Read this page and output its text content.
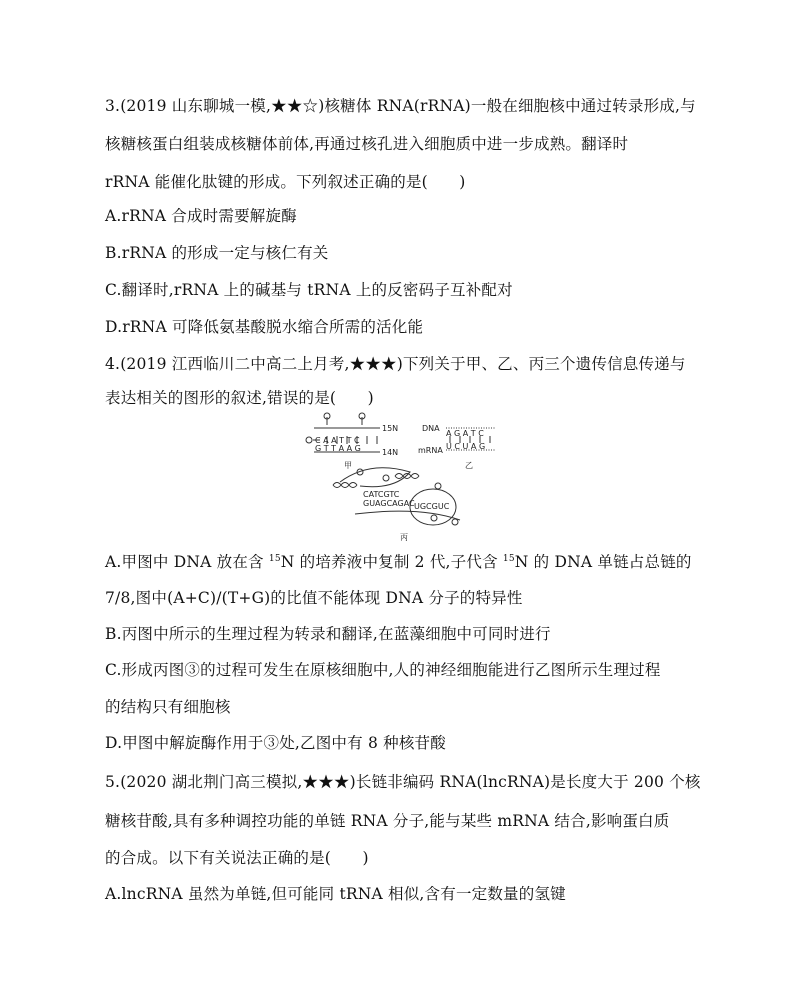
3.(2019 山东聊城一模,★★☆)核糖体 RNA(rRNA)一般在细胞核中通过转录形成,与
核糖核蛋白组装成核糖体前体,再通过核孔进入细胞质中进一步成熟。翻译时
rRNA 能催化肽键的形成。下列叙述正确的是(　　)
A.rRNA 合成时需要解旋酶
B.rRNA 的形成一定与核仁有关
C.翻译时,rRNA 上的碱基与 tRNA 上的反密码子互补配对
D.rRNA 可降低氨基酸脱水缩合所需的活化能
4.(2019 江西临川二中高二上月考,★★★)下列关于甲、乙、丙三个遗传信息传递与
表达相关的图形的叙述,错误的是(　　)
C A A T T C
G T T A A G
15N
14N
甲
DNA
mRNA
A G A T C
U C U A G
乙
CATCGTC
GUAGCAGAC UGCGUC
丙
A.甲图中 DNA 放在含 $^{15}$N 的培养液中复制 2 代,子代含 $^{15}$N 的 DNA 单链占总链的
7/8,图中(A+C)/(T+G)的比值不能体现 DNA 分子的特异性
B.丙图中所示的生理过程为转录和翻译,在蓝藻细胞中可同时进行
C.形成丙图③的过程可发生在原核细胞中,人的神经细胞能进行乙图所示生理过程
的结构只有细胞核
D.甲图中解旋酶作用于③处,乙图中有 8 种核苷酸
5.(2020 湖北荆门高三模拟,★★★)长链非编码 RNA(lncRNA)是长度大于 200 个核
糖核苷酸,具有多种调控功能的单链 RNA 分子,能与某些 mRNA 结合,影响蛋白质
的合成。以下有关说法正确的是(　　)
A.lncRNA 虽然为单链,但可能同 tRNA 相似,含有一定数量的氢键
